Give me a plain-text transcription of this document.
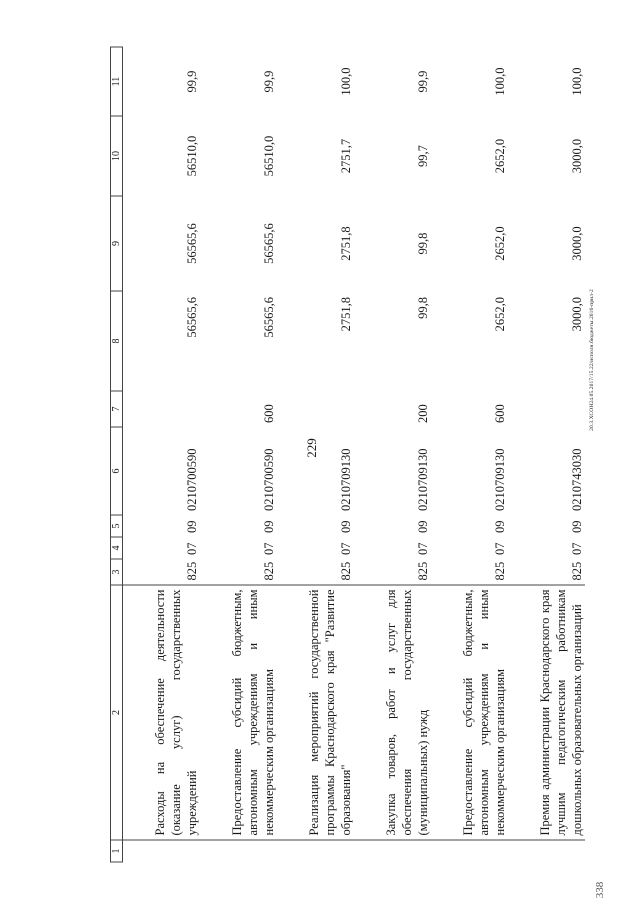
229
20.3.ХСОН24.05.2017/15.22/исполн.бюджеты.2016-прил-2
338
1	2	3	4	5	6	7	8	9	10	11
	Расходы на обеспечение деятельности (оказание услуг) государственных учреждений	825	07	09	0210700590		56565,6	56565,6	56510,0	99,9
	Предоставление субсидий бюджетным, автономным учреждениям и иным некоммерческим организациям	825	07	09	0210700590	600	56565,6	56565,6	56510,0	99,9
	Реализация мероприятий государственной программы Краснодарского края "Развитие образования"	825	07	09	0210709130		2751,8	2751,8	2751,7	100,0
	Закупка товаров, работ и услуг для обеспечения государственных (муниципальных) нужд	825	07	09	0210709130	200	99,8	99,8	99,7	99,9
	Предоставление субсидий бюджетным, автономным учреждениям и иным некоммерческим организациям	825	07	09	0210709130	600	2652,0	2652,0	2652,0	100,0
	Премия администрации Краснодарского края лучшим педагогическим работникам дошкольных образовательных организаций	825	07	09	0210743030		3000,0	3000,0	3000,0	100,0
